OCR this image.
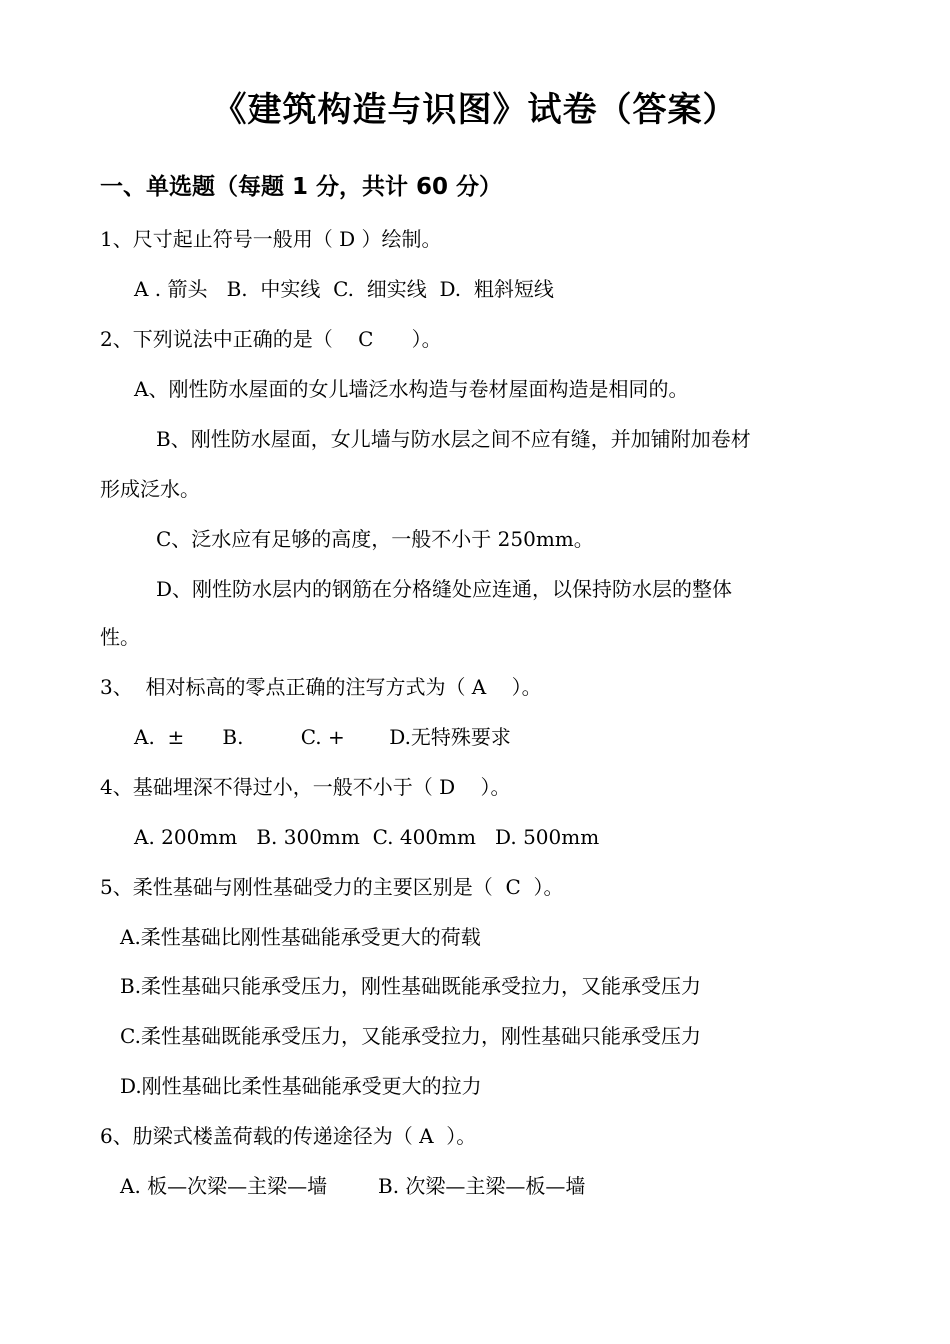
《建筑构造与识图》试卷（答案）
一、单选题（每题 1 分，共计 60 分）
1、尺寸起止符号一般用（ D ）绘制。
A . 箭头   B.  中实线  C.  细实线  D.  粗斜短线
2、下列说法中正确的是（    C      ）。
A、刚性防水屋面的女儿墙泛水构造与卷材屋面构造是相同的。
B、刚性防水屋面，女儿墙与防水层之间不应有缝，并加铺附加卷材
形成泛水。
C、泛水应有足够的高度，一般不小于 250mm。
D、刚性防水层内的钢筋在分格缝处应连通，以保持防水层的整体
性。
3、  相对标高的零点正确的注写方式为（ A    ）。
A.  ±      B.         C. +       D.无特殊要求
4、基础埋深不得过小，一般不小于（ D    ）。
A. 200mm   B. 300mm  C. 400mm   D. 500mm
5、柔性基础与刚性基础受力的主要区别是（  C  ）。
A.柔性基础比刚性基础能承受更大的荷载
B.柔性基础只能承受压力，刚性基础既能承受拉力，又能承受压力
C.柔性基础既能承受压力，又能承受拉力，刚性基础只能承受压力
D.刚性基础比柔性基础能承受更大的拉力
6、肋梁式楼盖荷载的传递途径为（ A  ）。
A. 板—次梁—主梁—墙        B. 次梁—主梁—板—墙
